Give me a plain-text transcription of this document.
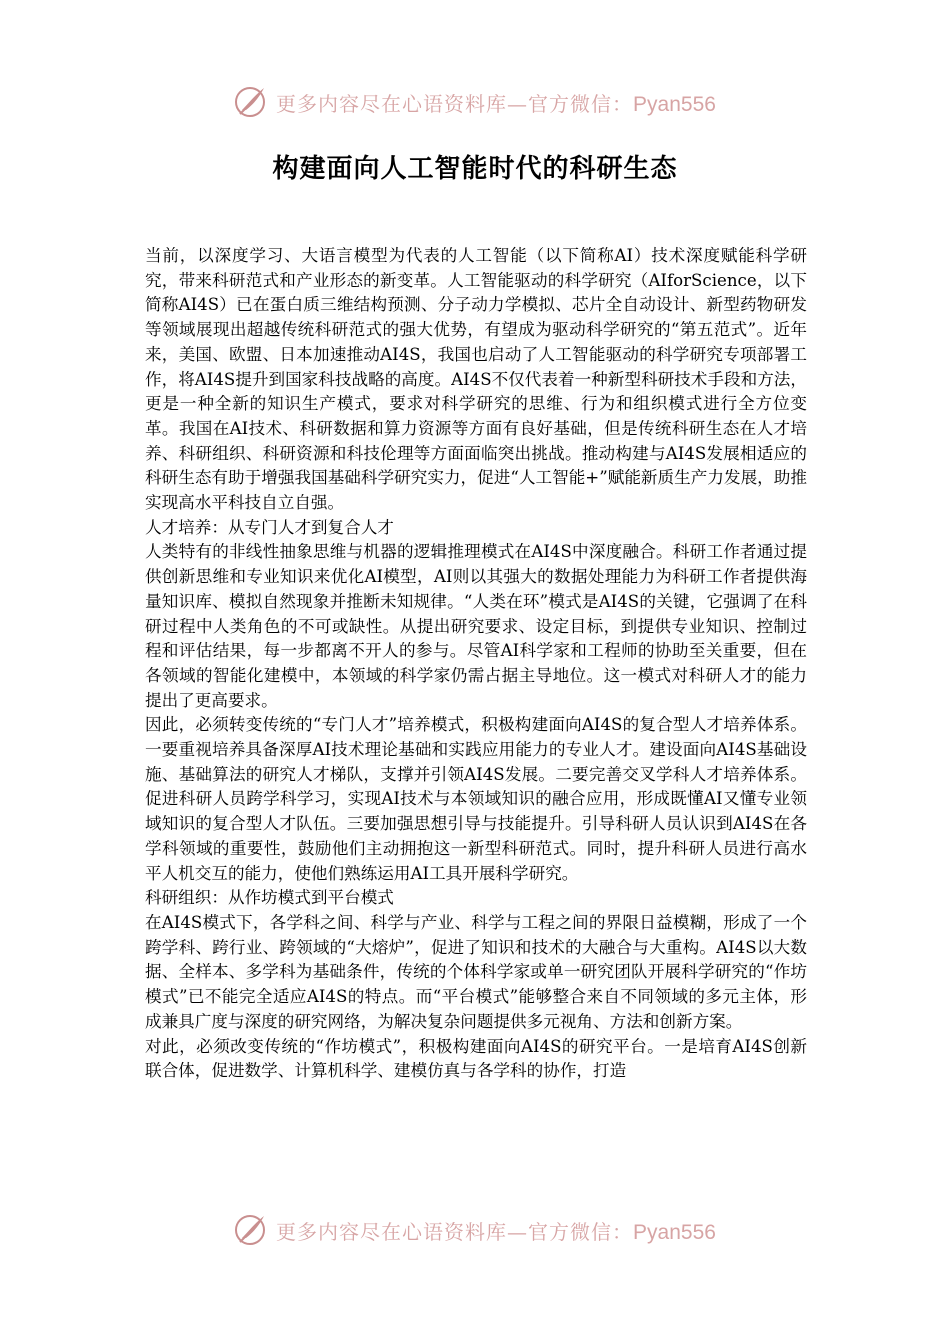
更多内容尽在心语资料库—官方微信：Pyan556
构建面向人工智能时代的科研生态

当前，以深度学习、大语言模型为代表的人工智能（以下简称AI）技术深度赋能科学研究，带来科研范式和产业形态的新变革。人工智能驱动的科学研究（AIforScience，以下简称AI4S）已在蛋白质三维结构预测、分子动力学模拟、芯片全自动设计、新型药物研发等领域展现出超越传统科研范式的强大优势，有望成为驱动科学研究的“第五范式”。近年来，美国、欧盟、日本加速推动AI4S，我国也启动了人工智能驱动的科学研究专项部署工作，将AI4S提升到国家科技战略的高度。AI4S不仅代表着一种新型科研技术手段和方法，更是一种全新的知识生产模式，要求对科学研究的思维、行为和组织模式进行全方位变革。我国在AI技术、科研数据和算力资源等方面有良好基础，但是传统科研生态在人才培养、科研组织、科研资源和科技伦理等方面面临突出挑战。推动构建与AI4S发展相适应的科研生态有助于增强我国基础科学研究实力，促进“人工智能+”赋能新质生产力发展，助推实现高水平科技自立自强。

人才培养：从专门人才到复合人才

人类特有的非线性抽象思维与机器的逻辑推理模式在AI4S中深度融合。科研工作者通过提供创新思维和专业知识来优化AI模型，AI则以其强大的数据处理能力为科研工作者提供海量知识库、模拟自然现象并推断未知规律。“人类在环”模式是AI4S的关键，它强调了在科研过程中人类角色的不可或缺性。从提出研究要求、设定目标，到提供专业知识、控制过程和评估结果，每一步都离不开人的参与。尽管AI科学家和工程师的协助至关重要，但在各领域的智能化建模中，本领域的科学家仍需占据主导地位。这一模式对科研人才的能力提出了更高要求。

因此，必须转变传统的“专门人才”培养模式，积极构建面向AI4S的复合型人才培养体系。一要重视培养具备深厚AI技术理论基础和实践应用能力的专业人才。建设面向AI4S基础设施、基础算法的研究人才梯队，支撑并引领AI4S发展。二要完善交叉学科人才培养体系。促进科研人员跨学科学习，实现AI技术与本领域知识的融合应用，形成既懂AI又懂专业领域知识的复合型人才队伍。三要加强思想引导与技能提升。引导科研人员认识到AI4S在各学科领域的重要性，鼓励他们主动拥抱这一新型科研范式。同时，提升科研人员进行高水平人机交互的能力，使他们熟练运用AI工具开展科学研究。

科研组织：从作坊模式到平台模式

在AI4S模式下，各学科之间、科学与产业、科学与工程之间的界限日益模糊，形成了一个跨学科、跨行业、跨领域的“大熔炉”，促进了知识和技术的大融合与大重构。AI4S以大数据、全样本、多学科为基础条件，传统的个体科学家或单一研究团队开展科学研究的“作坊模式”已不能完全适应AI4S的特点。而“平台模式”能够整合来自不同领域的多元主体，形成兼具广度与深度的研究网络，为解决复杂问题提供多元视角、方法和创新方案。

对此，必须改变传统的“作坊模式”，积极构建面向AI4S的研究平台。一是培育AI4S创新联合体，促进数学、计算机科学、建模仿真与各学科的协作，打造

更多内容尽在心语资料库—官方微信：Pyan556
